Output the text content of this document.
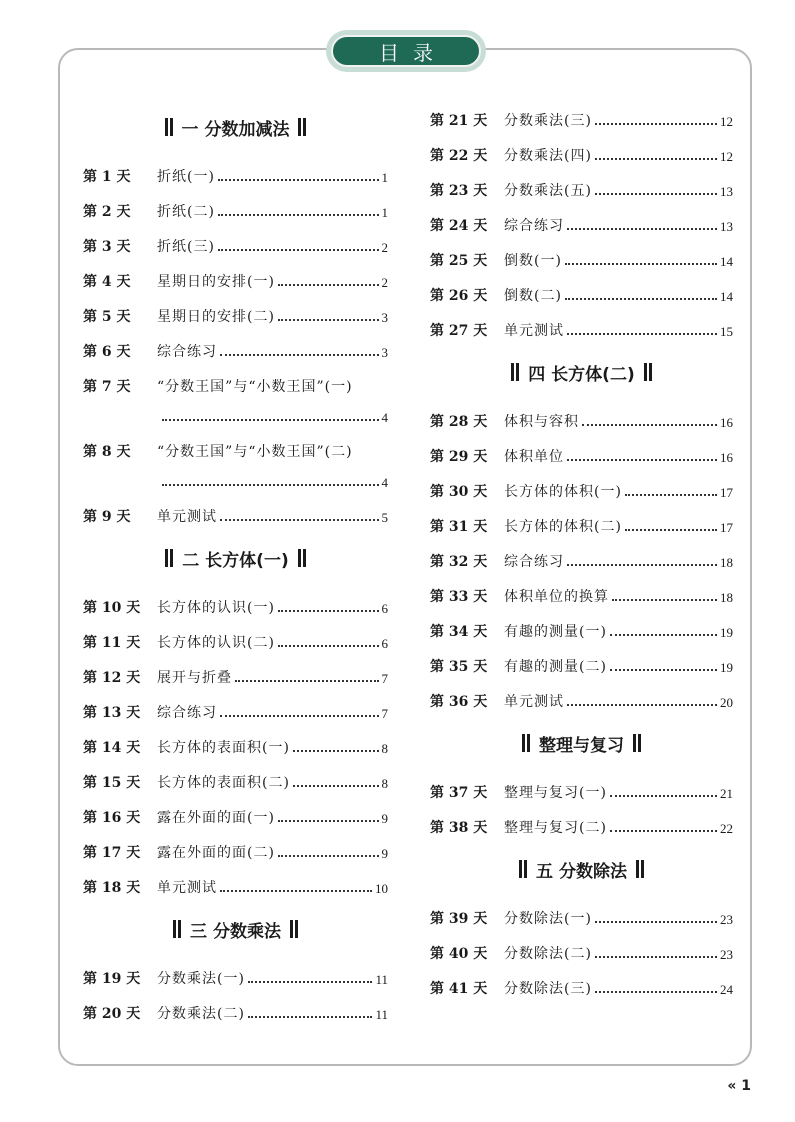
目录
一 分数加减法
第 1 天	折纸(一)	1
第 2 天	折纸(二)	1
第 3 天	折纸(三)	2
第 4 天	星期日的安排(一)	2
第 5 天	星期日的安排(二)	3
第 6 天	综合练习	3
第 7 天	“分数王国”与“小数王国”(一)
4
第 8 天	“分数王国”与“小数王国”(二)
4
第 9 天	单元测试	5
二 长方体(一)
第 10 天	长方体的认识(一)	6
第 11 天	长方体的认识(二)	6
第 12 天	展开与折叠	7
第 13 天	综合练习	7
第 14 天	长方体的表面积(一)	8
第 15 天	长方体的表面积(二)	8
第 16 天	露在外面的面(一)	9
第 17 天	露在外面的面(二)	9
第 18 天	单元测试	10
三 分数乘法
第 19 天	分数乘法(一)	11
第 20 天	分数乘法(二)	11
第 21 天	分数乘法(三)	12
第 22 天	分数乘法(四)	12
第 23 天	分数乘法(五)	13
第 24 天	综合练习	13
第 25 天	倒数(一)	14
第 26 天	倒数(二)	14
第 27 天	单元测试	15
四 长方体(二)
第 28 天	体积与容积	16
第 29 天	体积单位	16
第 30 天	长方体的体积(一)	17
第 31 天	长方体的体积(二)	17
第 32 天	综合练习	18
第 33 天	体积单位的换算	18
第 34 天	有趣的测量(一)	19
第 35 天	有趣的测量(二)	19
第 36 天	单元测试	20
整理与复习
第 37 天	整理与复习(一)	21
第 38 天	整理与复习(二)	22
五 分数除法
第 39 天	分数除法(一)	23
第 40 天	分数除法(二)	23
第 41 天	分数除法(三)	24
« 1
